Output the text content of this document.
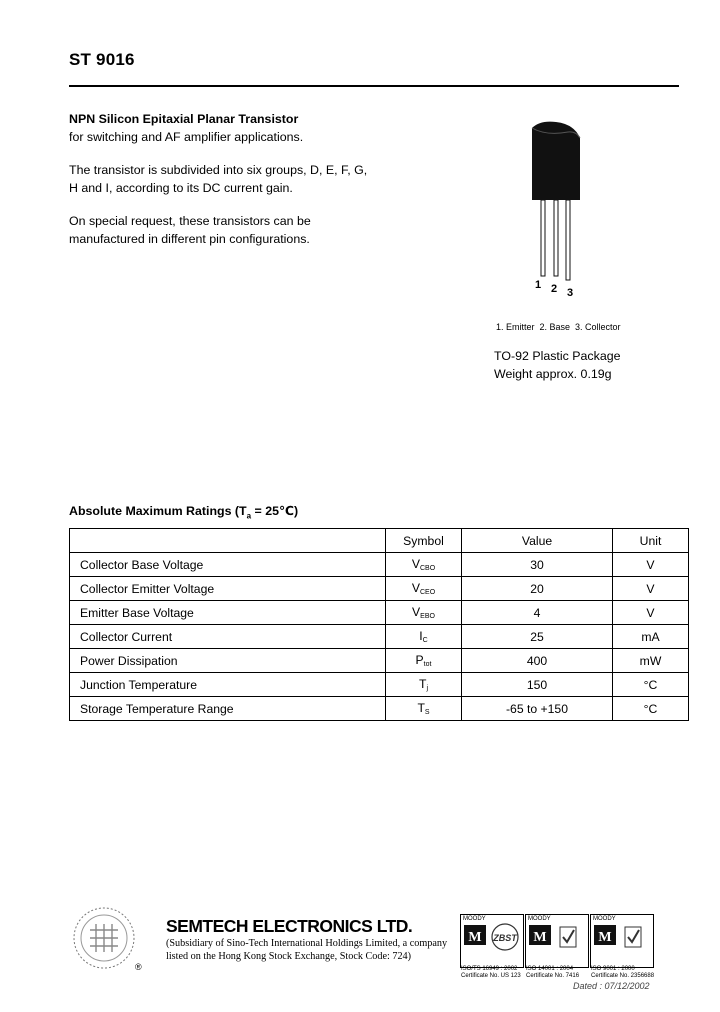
ST 9016
NPN Silicon Epitaxial Planar Transistor
for switching and AF amplifier applications.
The transistor is subdivided into six groups, D, E, F, G, H and I, according to its DC current gain.
On special request, these transistors can be manufactured in different pin configurations.
1 2 3
1. Emitter  2. Base  3. Collector
TO-92 Plastic Package
Weight approx. 0.19g
Absolute Maximum Ratings ($T_a$ = 25℃)
	Symbol	Value	Unit
Collector Base Voltage	$V_{CBO}$	30	V
Collector Emitter Voltage	$V_{CEO}$	20	V
Emitter Base Voltage	$V_{EBO}$	4	V
Collector Current	$I_C$	25	mA
Power Dissipation	$P_{tot}$	400	mW
Junction Temperature	$T_j$	150	°C
Storage Temperature Range	$T_S$	-65 to +150	°C
®
SEMTECH ELECTRONICS LTD.
(Subsidiary of Sino-Tech International Holdings Limited, a company
listed on the Hong Kong Stock Exchange, Stock Code: 724)
MOODY
M ZBST
ISO/TS 16949 : 2002
Certificate No. US 123
MOODY
M
ISO 14001 : 2004
Certificate No. 7416
MOODY
M
ISO 9001 : 2000
Certificate No. 2356688
Dated : 07/12/2002
